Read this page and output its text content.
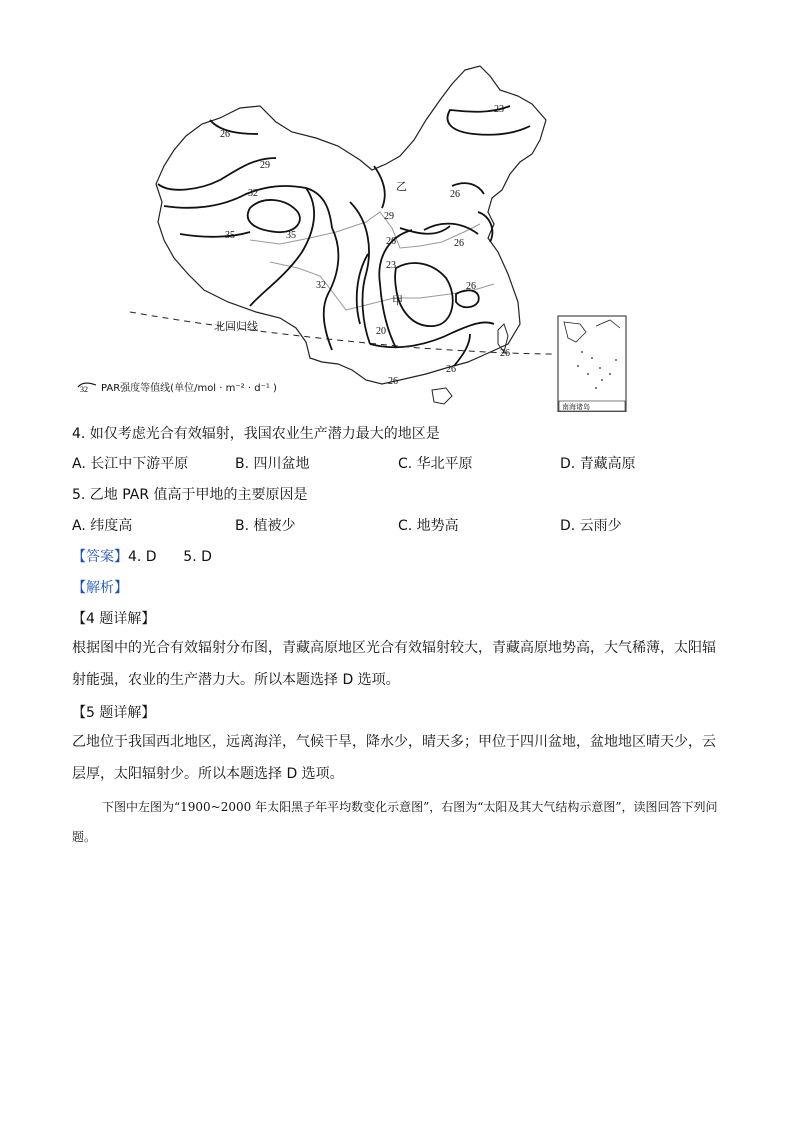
南海诸岛
23
26
29
32
35	35
29
26
26	26
23
32
20
26
26
26
26
乙
甲
北回归线
32 PAR强度等值线(单位/mol · m⁻² · d⁻¹ )
4. 如仅考虑光合有效辐射，我国农业生产潜力最大的地区是
A. 长江中下游平原	B. 四川盆地	C. 华北平原	D. 青藏高原
5. 乙地 PAR 值高于甲地的主要原因是
A. 纬度高	B. 植被少	C. 地势高	D. 云雨少
【答案】4. D      5. D
【解析】
【4 题详解】
根据图中的光合有效辐射分布图，青藏高原地区光合有效辐射较大，青藏高原地势高，大气稀薄，太阳辐射能强，农业的生产潜力大。所以本题选择 D 选项。
【5 题详解】
乙地位于我国西北地区，远离海洋，气候干旱，降水少，晴天多；甲位于四川盆地，盆地地区晴天少，云层厚，太阳辐射少。所以本题选择 D 选项。
下图中左图为“1900~2000 年太阳黑子年平均数变化示意图”，右图为“太阳及其大气结构示意图”，读图回答下列问题。
